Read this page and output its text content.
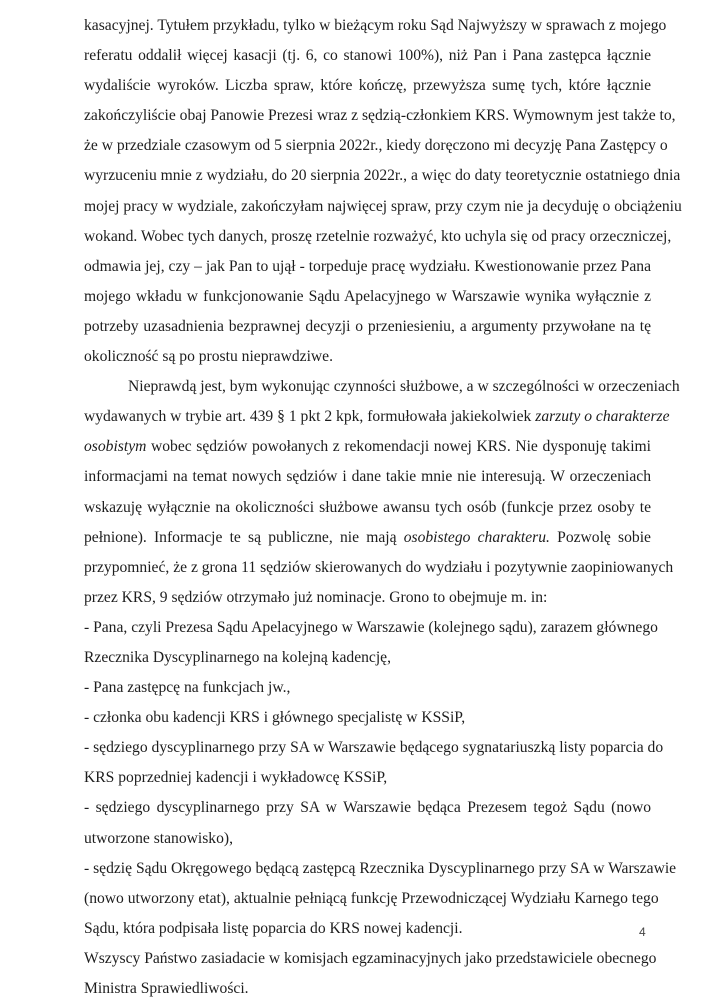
kasacyjnej. Tytułem przykładu, tylko w bieżącym roku Sąd Najwyższy w sprawach z mojego
referatu oddalił więcej kasacji (tj. 6, co stanowi 100%), niż Pan i Pana zastępca łącznie
wydaliście wyroków. Liczba spraw, które kończę, przewyższa sumę tych, które łącznie
zakończyliście obaj Panowie Prezesi wraz z sędzią-członkiem KRS. Wymownym jest także to,
że w przedziale czasowym od 5 sierpnia 2022r., kiedy doręczono mi decyzję Pana Zastępcy o
wyrzuceniu mnie z wydziału, do 20 sierpnia 2022r., a więc do daty teoretycznie ostatniego dnia
mojej pracy w wydziale, zakończyłam najwięcej spraw, przy czym nie ja decyduję o obciążeniu
wokand. Wobec tych danych, proszę rzetelnie rozważyć, kto uchyla się od pracy orzeczniczej,
odmawia jej, czy – jak Pan to ujął - torpeduje pracę wydziału. Kwestionowanie przez Pana
mojego wkładu w funkcjonowanie Sądu Apelacyjnego w Warszawie wynika wyłącznie z
potrzeby uzasadnienia bezprawnej decyzji o przeniesieniu, a argumenty przywołane na tę
okoliczność są po prostu nieprawdziwe.
Nieprawdą jest, bym wykonując czynności służbowe, a w szczególności w orzeczeniach
wydawanych w trybie art. 439 § 1 pkt 2 kpk, formułowała jakiekolwiek zarzuty o charakterze
osobistym wobec sędziów powołanych z rekomendacji nowej KRS. Nie dysponuję takimi
informacjami na temat nowych sędziów i dane takie mnie nie interesują. W orzeczeniach
wskazuję wyłącznie na okoliczności służbowe awansu tych osób (funkcje przez osoby te
pełnione). Informacje te są publiczne, nie mają osobistego charakteru. Pozwolę sobie
przypomnieć, że z grona 11 sędziów skierowanych do wydziału i pozytywnie zaopiniowanych
przez KRS, 9 sędziów otrzymało już nominacje. Grono to obejmuje m. in:
- Pana, czyli Prezesa Sądu Apelacyjnego w Warszawie (kolejnego sądu), zarazem głównego
Rzecznika Dyscyplinarnego na kolejną kadencję,
- Pana zastępcę na funkcjach jw.,
- członka obu kadencji KRS i głównego specjalistę w KSSiP,
- sędziego dyscyplinarnego przy SA w Warszawie będącego sygnatariuszką listy poparcia do
KRS poprzedniej kadencji i wykładowcę KSSiP,
- sędziego dyscyplinarnego przy SA w Warszawie będąca Prezesem tegoż Sądu (nowo
utworzone stanowisko),
- sędzię Sądu Okręgowego będącą zastępcą Rzecznika Dyscyplinarnego przy SA w Warszawie
(nowo utworzony etat), aktualnie pełniącą funkcję Przewodniczącej Wydziału Karnego tego
Sądu, która podpisała listę poparcia do KRS nowej kadencji.
Wszyscy Państwo zasiadacie w komisjach egzaminacyjnych jako przedstawiciele obecnego
Ministra Sprawiedliwości.
4
